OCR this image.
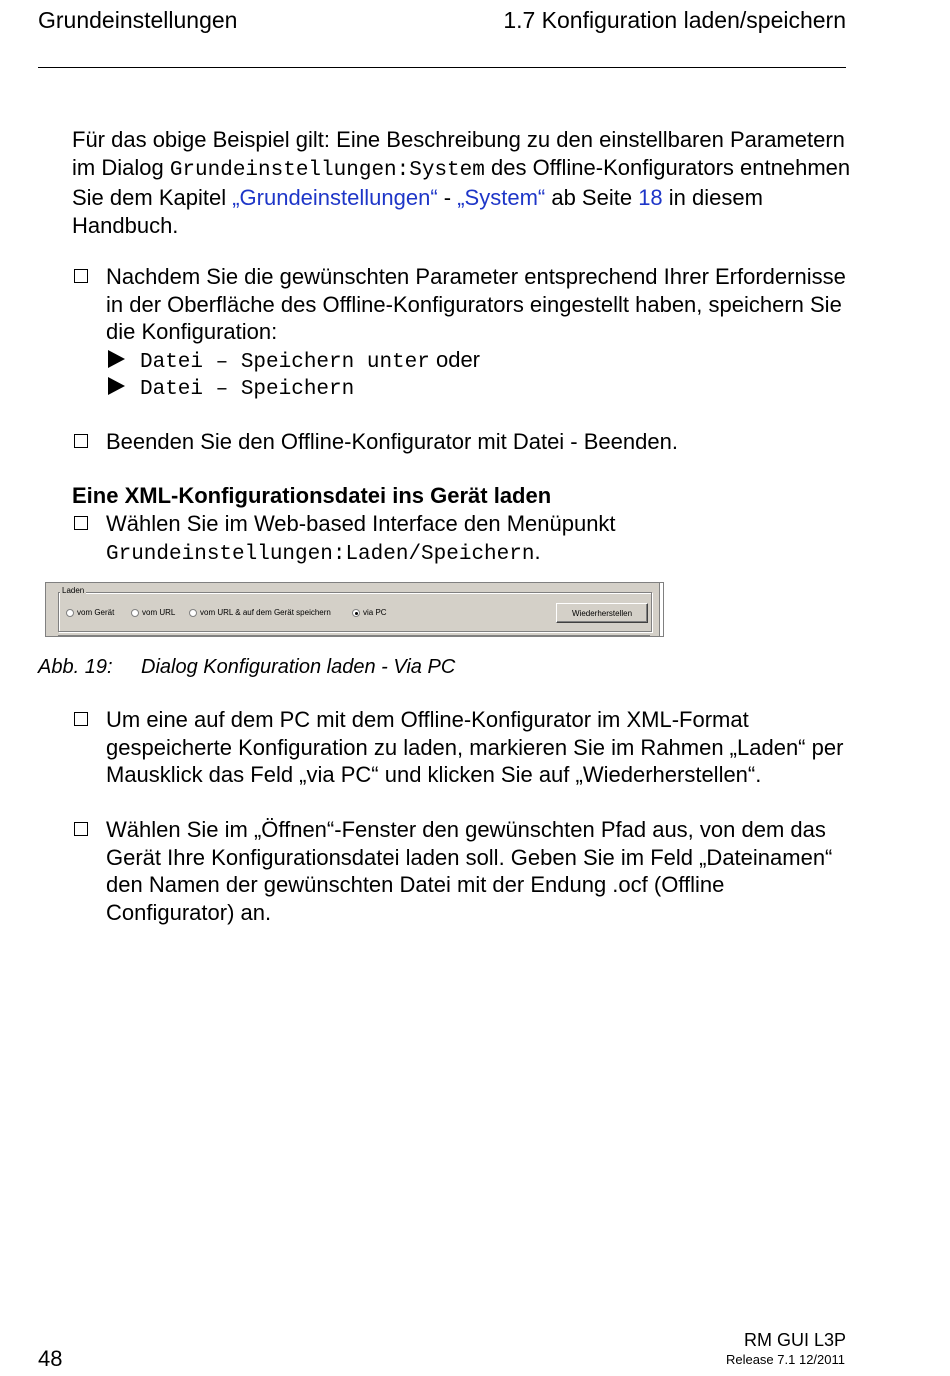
Grundeinstellungen	1.7 Konfiguration laden/speichern
Für das obige Beispiel gilt: Eine Beschreibung zu den einstellbaren Parametern im Dialog Grundeinstellungen:System des Offline-Konfigurators entnehmen Sie dem Kapitel „Grundeinstellungen“ - „System“ ab Seite 18 in diesem Handbuch.
Nachdem Sie die gewünschten Parameter entsprechend Ihrer Erfordernisse in der Oberfläche des Offline-Konfigurators eingestellt haben, speichern Sie die Konfiguration:
Datei – Speichern unter oder
Datei – Speichern
Beenden Sie den Offline-Konfigurator mit Datei - Beenden.
Eine XML-Konfigurationsdatei ins Gerät laden
Wählen Sie im Web-based Interface den Menüpunkt
Grundeinstellungen:Laden/Speichern.
Laden
vom Gerät	vom URL	vom URL & auf dem Gerät speichern	via PC	Wiederherstellen
Abb. 19: Dialog Konfiguration laden - Via PC
Um eine auf dem PC mit dem Offline-Konfigurator im XML-Format gespeicherte Konfiguration zu laden, markieren Sie im Rahmen „Laden“ per Mausklick das Feld „via PC“ und klicken Sie auf „Wiederherstellen“.
Wählen Sie im „Öffnen“-Fenster den gewünschten Pfad aus, von dem das Gerät Ihre Konfigurationsdatei laden soll. Geben Sie im Feld „Dateinamen“ den Namen der gewünschten Datei mit der Endung .ocf (Offline Configurator) an.
48
RM GUI L3P
Release 7.1 12/2011
